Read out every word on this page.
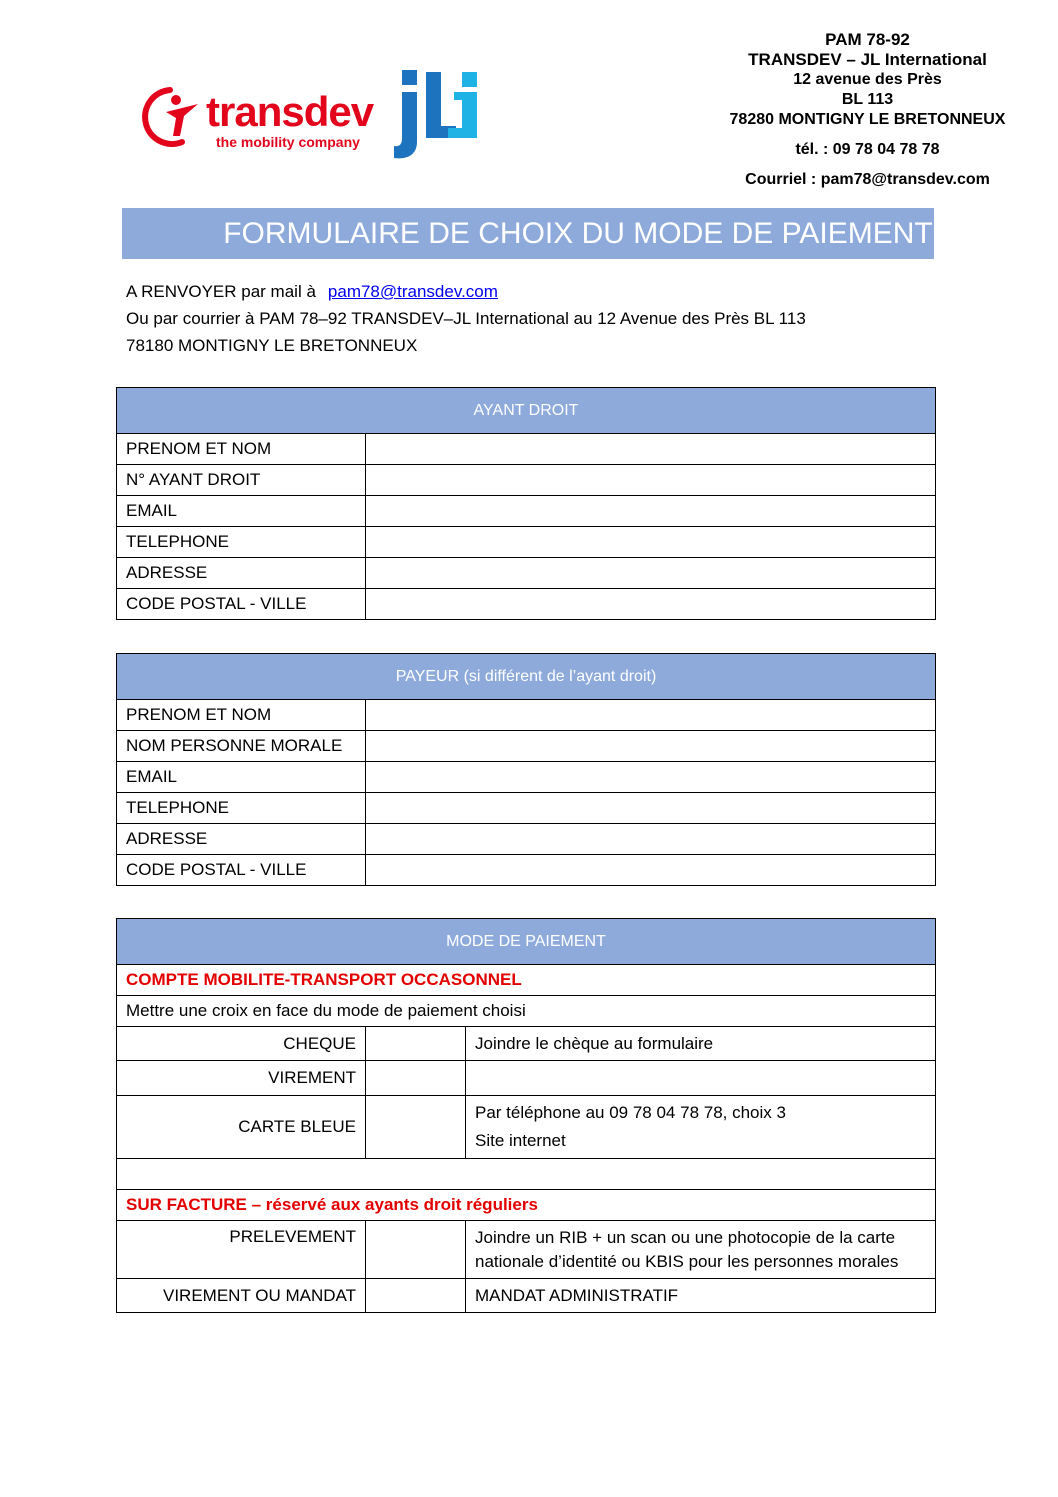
transdev
the mobility company
PAM 78-92
TRANSDEV – JL International
12 avenue des Près
BL 113
78280 MONTIGNY LE BRETONNEUX
tél. : 09 78 04 78 78
Courriel : pam78@transdev.com
FORMULAIRE DE CHOIX DU MODE DE PAIEMENT
A RENVOYER par mail à pam78@transdev.com
Ou par courrier à PAM 78–92 TRANSDEV–JL International au 12 Avenue des Près BL 113
78180 MONTIGNY LE BRETONNEUX
AYANT DROIT	
PRENOM ET NOM	
N° AYANT DROIT	
EMAIL	
TELEPHONE	
ADRESSE	
CODE POSTAL - VILLE	
PAYEUR (si différent de l’ayant droit)	
PRENOM ET NOM	
NOM PERSONNE MORALE	
EMAIL	
TELEPHONE	
ADRESSE	
CODE POSTAL - VILLE	
MODE DE PAIEMENT		
COMPTE MOBILITE-TRANSPORT OCCASONNEL		
Mettre une croix en face du mode de paiement choisi		
CHEQUE		Joindre le chèque au formulaire
VIREMENT		
CARTE BLEUE		Par téléphone au 09 78 04 78 78, choix 3
Site internet

SUR FACTURE – réservé aux ayants droit réguliers		
PRELEVEMENT		Joindre un RIB + un scan ou une photocopie de la carte nationale d’identité ou KBIS pour les personnes morales
VIREMENT OU MANDAT		MANDAT ADMINISTRATIF
